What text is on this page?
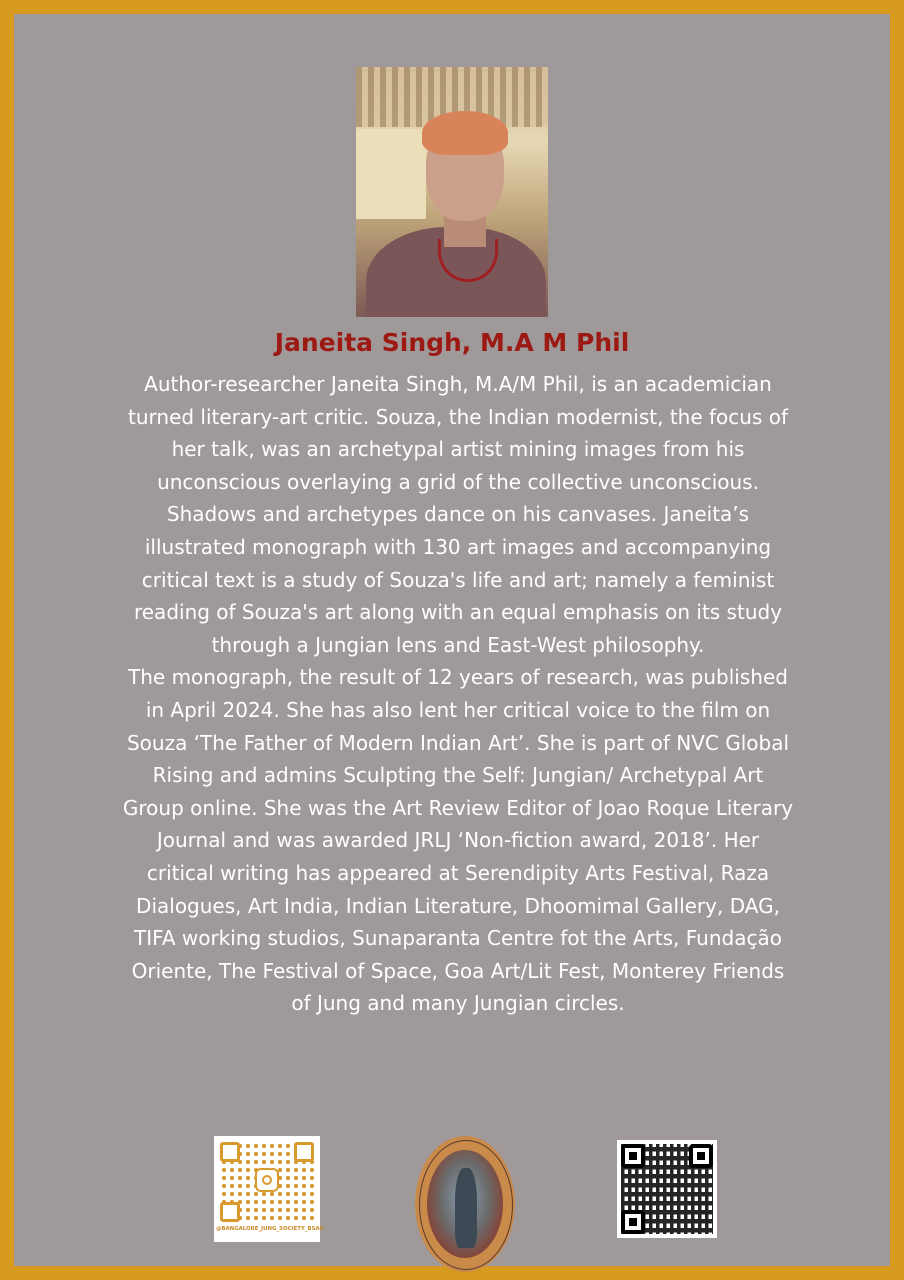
Janeita Singh, M.A M Phil

Author-researcher Janeita Singh, M.A/M Phil, is an academician turned literary-art critic. Souza, the Indian modernist, the focus of her talk, was an archetypal artist mining images from his unconscious overlaying a grid of the collective unconscious. Shadows and archetypes dance on his canvases. Janeita’s illustrated monograph with 130 art images and accompanying critical text is a study of Souza's life and art; namely a feminist reading of Souza's art along with an equal emphasis on its study through a Jungian lens and East-West philosophy.

The monograph, the result of 12 years of research, was published in April 2024. She has also lent her critical voice to the film on Souza ‘The Father of Modern Indian Art’. She is part of NVC Global Rising and admins Sculpting the Self: Jungian/ Archetypal Art Group online. She was the Art Review Editor of Joao Roque Literary Journal and was awarded JRLJ ‘Non-fiction award, 2018’. Her critical writing has appeared at Serendipity Arts Festival, Raza Dialogues, Art India, Indian Literature, Dhoomimal Gallery, DAG, TIFA working studios, Sunaparanta Centre fot the Arts, Fundação Oriente, The Festival of Space, Goa Art/Lit Fest, Monterey Friends of Jung and many Jungian circles.

@BANGALORE_JUNG_SOCIETY_BSAP
